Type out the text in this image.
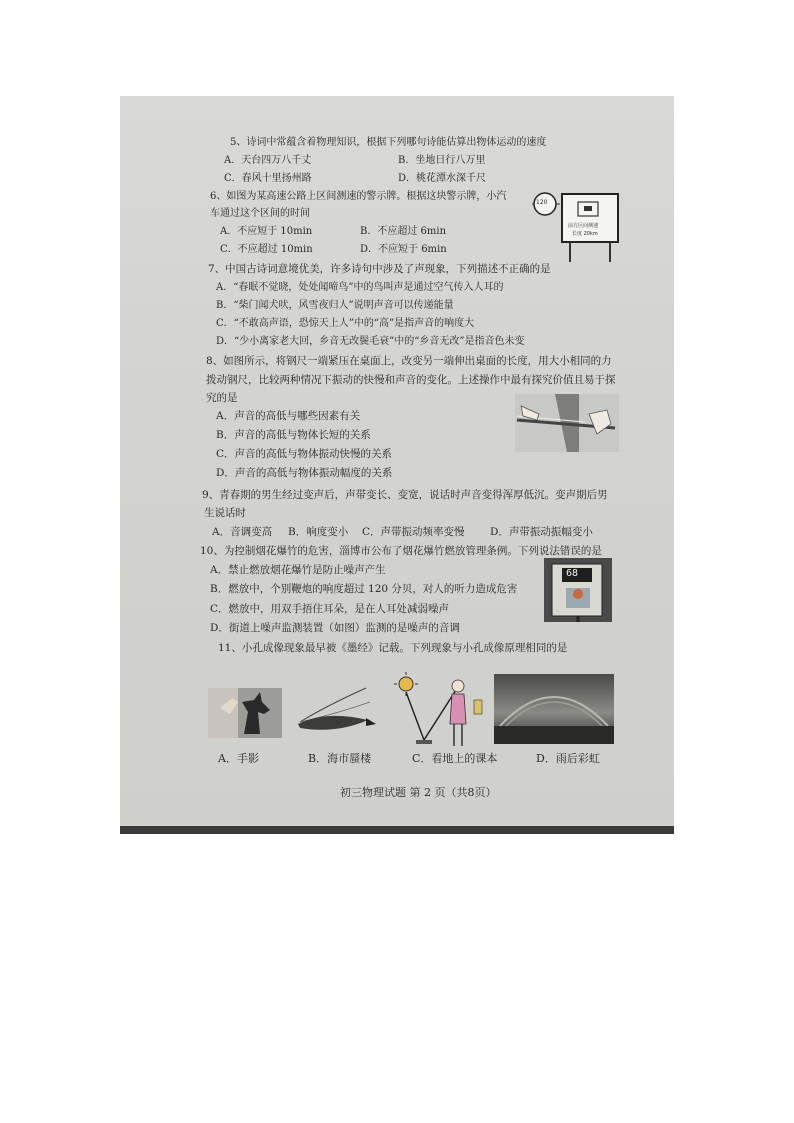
5、诗词中常蕴含着物理知识，根据下列哪句诗能估算出物体运动的速度
A．天台四万八千丈	B．坐地日行八万里
C．春风十里扬州路	D．桃花潭水深千尺
6、如图为某高速公路上区间测速的警示牌。根据这块警示牌，小汽
车通过这个区间的时间
A．不应短于 10min	B．不应超过 6min
C．不应超过 10min	D．不应短于 6min
120
前方区间测速
长度 20km
7、中国古诗词意境优美，许多诗句中涉及了声现象，下列描述不正确的是
A．“春眠不觉晓，处处闻啼鸟”中的鸟叫声是通过空气传入人耳的
B．“柴门闻犬吠，风雪夜归人”说明声音可以传递能量
C．“不敢高声语，恐惊天上人”中的“高”是指声音的响度大
D．“少小离家老大回，乡音无改鬓毛衰”中的“乡音无改”是指音色未变
8、如图所示，将钢尺一端紧压在桌面上，改变另一端伸出桌面的长度，用大小相同的力
拨动钢尺，比较两种情况下振动的快慢和声音的变化。上述操作中最有探究价值且易于探
究的是
A．声音的高低与哪些因素有关
B．声音的高低与物体长短的关系
C．声音的高低与物体振动快慢的关系
D．声音的高低与物体振动幅度的关系
9、青春期的男生经过变声后，声带变长、变宽，说话时声音变得浑厚低沉。变声期后男
生说话时
A．音调变高 B．响度变小 C．声带振动频率变慢 D．声带振动振幅变小
10、为控制烟花爆竹的危害，淄博市公布了烟花爆竹燃放管理条例。下列说法错误的是
A．禁止燃放烟花爆竹是防止噪声产生
B．燃放中，个别鞭炮的响度超过 120 分贝，对人的听力造成危害
C．燃放中，用双手捂住耳朵，是在人耳处减弱噪声
D．街道上噪声监测装置（如图）监测的是噪声的音调
68
11、小孔成像现象最早被《墨经》记载。下列现象与小孔成像原理相同的是
A．手影	B．海市蜃楼	C．看地上的课本	D．雨后彩虹
初三物理试题 第 2 页（共8页）
